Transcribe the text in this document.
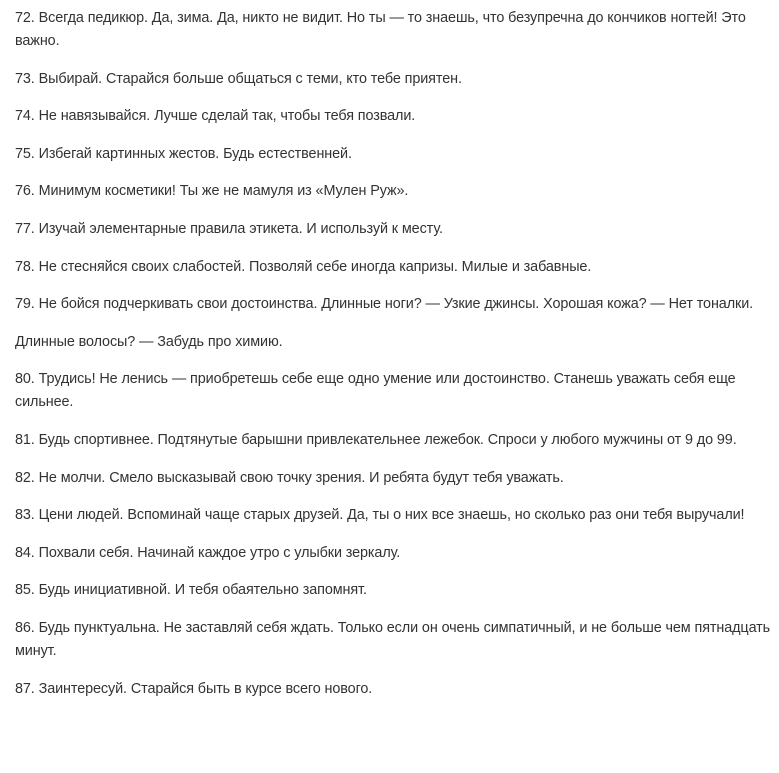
72. Всегда педикюр. Да, зима. Да, никто не видит. Но ты — то знаешь, что безупречна до кончиков ногтей! Это важно.

73. Выбирай. Старайся больше общаться с теми, кто тебе приятен.

74. Не навязывайся. Лучше сделай так, чтобы тебя позвали.

75. Избегай картинных жестов. Будь естественней.

76. Минимум косметики! Ты же не мамуля из «Мулен Руж».

77. Изучай элементарные правила этикета. И используй к месту.

78. Не стесняйся своих слабостей. Позволяй себе иногда капризы. Милые и забавные.

79. Не бойся подчеркивать свои достоинства. Длинные ноги? — Узкие джинсы. Хорошая кожа? — Нет тоналки.

Длинные волосы? — Забудь про химию.

80. Трудись! Не ленись — приобретешь себе еще одно умение или достоинство. Станешь уважать себя еще сильнее.

81. Будь спортивнее. Подтянутые барышни привлекательнее лежебок. Спроси у любого мужчины от 9 до 99.

82. Не молчи. Смело высказывай свою точку зрения. И ребята будут тебя уважать.

83. Цени людей. Вспоминай чаще старых друзей. Да, ты о них все знаешь, но сколько раз они тебя выручали!

84. Похвали себя. Начинай каждое утро с улыбки зеркалу.

85. Будь инициативной. И тебя обаятельно запомнят.

86. Будь пунктуальна. Не заставляй себя ждать. Только если он очень симпатичный, и не больше чем пятнадцать минут.

87. Заинтересуй. Старайся быть в курсе всего нового.
